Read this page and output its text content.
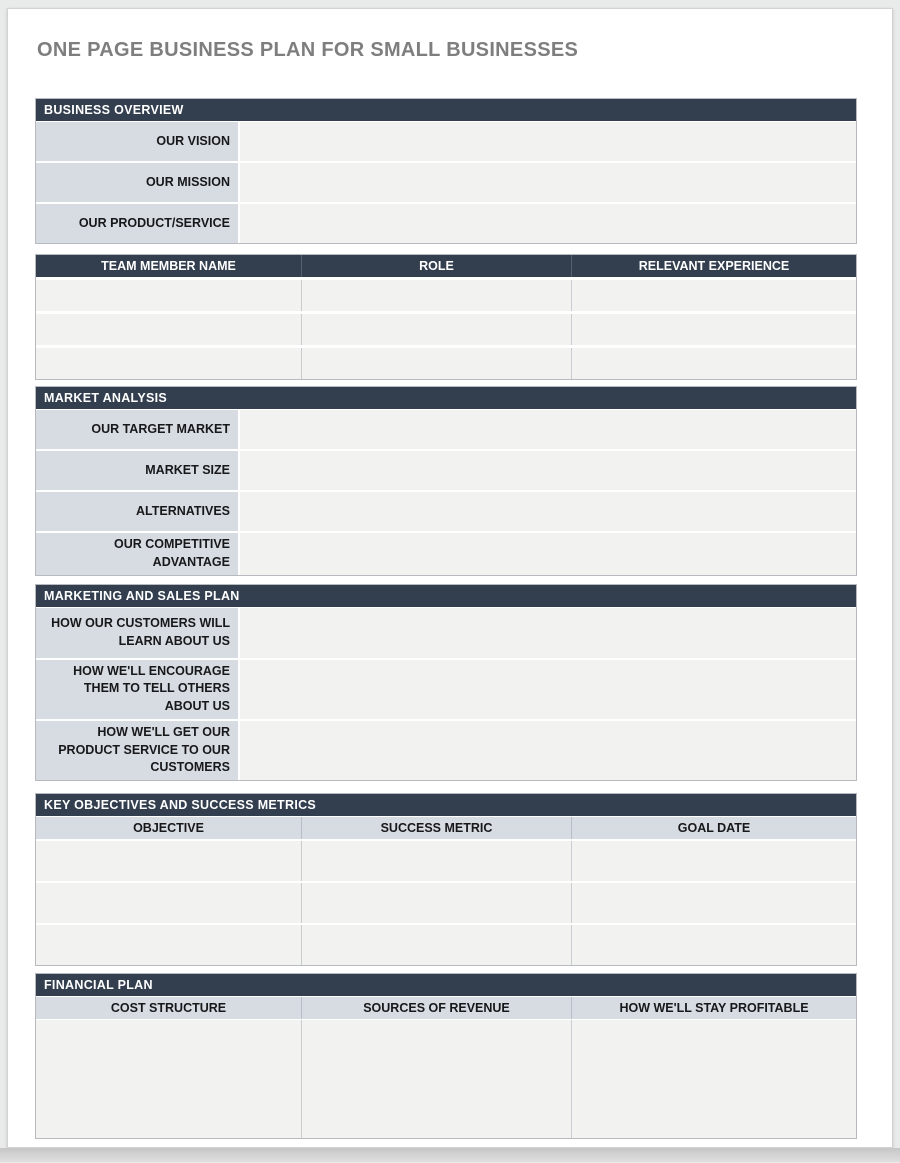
ONE PAGE BUSINESS PLAN FOR SMALL BUSINESSES
BUSINESS OVERVIEW
OUR VISION
OUR MISSION
OUR PRODUCT/SERVICE
TEAM MEMBER NAME	ROLE	RELEVANT EXPERIENCE
MARKET ANALYSIS
OUR TARGET MARKET
MARKET SIZE
ALTERNATIVES
OUR COMPETITIVE ADVANTAGE
MARKETING AND SALES PLAN
HOW OUR CUSTOMERS WILL LEARN ABOUT US
HOW WE'LL ENCOURAGE THEM TO TELL OTHERS ABOUT US
HOW WE'LL GET OUR PRODUCT SERVICE TO OUR CUSTOMERS
KEY OBJECTIVES AND SUCCESS METRICS
OBJECTIVE	SUCCESS METRIC	GOAL DATE
FINANCIAL PLAN
COST STRUCTURE	SOURCES OF REVENUE	HOW WE'LL STAY PROFITABLE
